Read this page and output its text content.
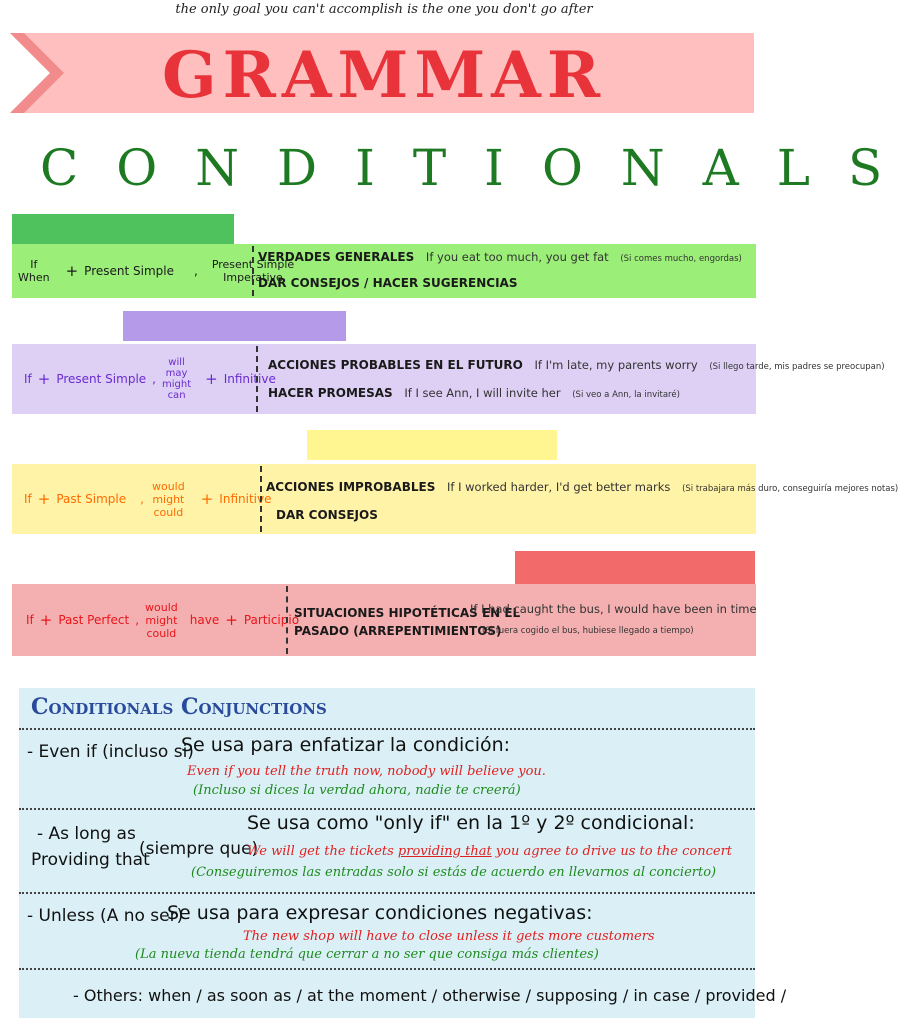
the only goal you can't accomplish is the one you don't go after
GRAMMAR
CONDITIONALS
If
When + Present Simple , Present Simple
Imperative
VERDADES GENERALES If you eat too much, you get fat (Si comes mucho, engordas)
DAR CONSEJOS / HACER SUGERENCIAS
If + Present Simple ,
will
may
might
can
+ Infinitive
ACCIONES PROBABLES EN EL FUTURO If I'm late, my parents worry (Si llego tarde, mis padres se preocupan)
HACER PROMESAS If I see Ann, I will invite her (Si veo a Ann, la invitaré)
If + Past Simple ,
would
might
could
+ Infinitive
ACCIONES IMPROBABLES If I worked harder, I'd get better marks (Si trabajara más duro, conseguiría mejores notas)
DAR CONSEJOS
If + Past Perfect ,
would
might
could
have + Participio
SITUACIONES HIPOTÉTICAS EN EL
PASADO (ARREPENTIMIENTOS)
If I had caught the bus, I would have been in time
(Si fuera cogido el bus, hubiese llegado a tiempo)
Conditionals Conjunctions
- Even if (incluso si)
Se usa para enfatizar la condición:
Even if you tell the truth now, nobody will believe you.
(Incluso si dices la verdad ahora, nadie te creerá)
- As long as
Providing that
(siempre que)
Se usa como "only if" en la 1º y 2º condicional:
We will get the tickets providing that you agree to drive us to the concert
(Conseguiremos las entradas solo si estás de acuerdo en llevarnos al concierto)
- Unless (A no ser)
Se usa para expresar condiciones negativas:
The new shop will have to close unless it gets more customers
(La nueva tienda tendrá que cerrar a no ser que consiga más clientes)
- Others: when / as soon as / at the moment / otherwise / supposing / in case / provided /
